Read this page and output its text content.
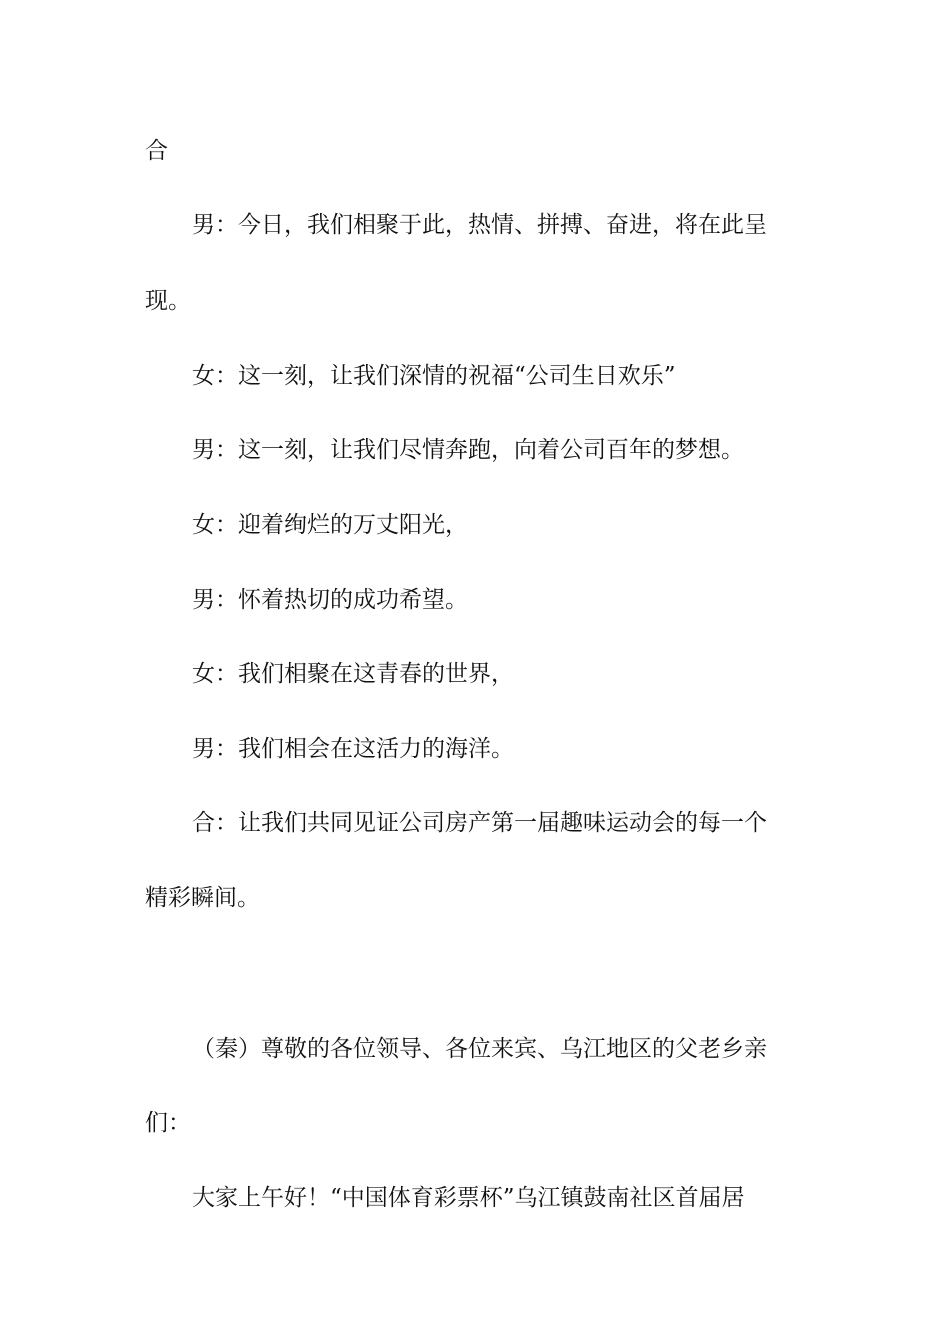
合
男：今日，我们相聚于此，热情、拼搏、奋进，将在此呈
现。
女：这一刻，让我们深情的祝福“公司生日欢乐”
男：这一刻，让我们尽情奔跑，向着公司百年的梦想。
女：迎着绚烂的万丈阳光，
男：怀着热切的成功希望。
女：我们相聚在这青春的世界，
男：我们相会在这活力的海洋。
合：让我们共同见证公司房产第一届趣味运动会的每一个
精彩瞬间。
（秦）尊敬的各位领导、各位来宾、乌江地区的父老乡亲
们：
大家上午好！“中国体育彩票杯”乌江镇鼓南社区首届居
